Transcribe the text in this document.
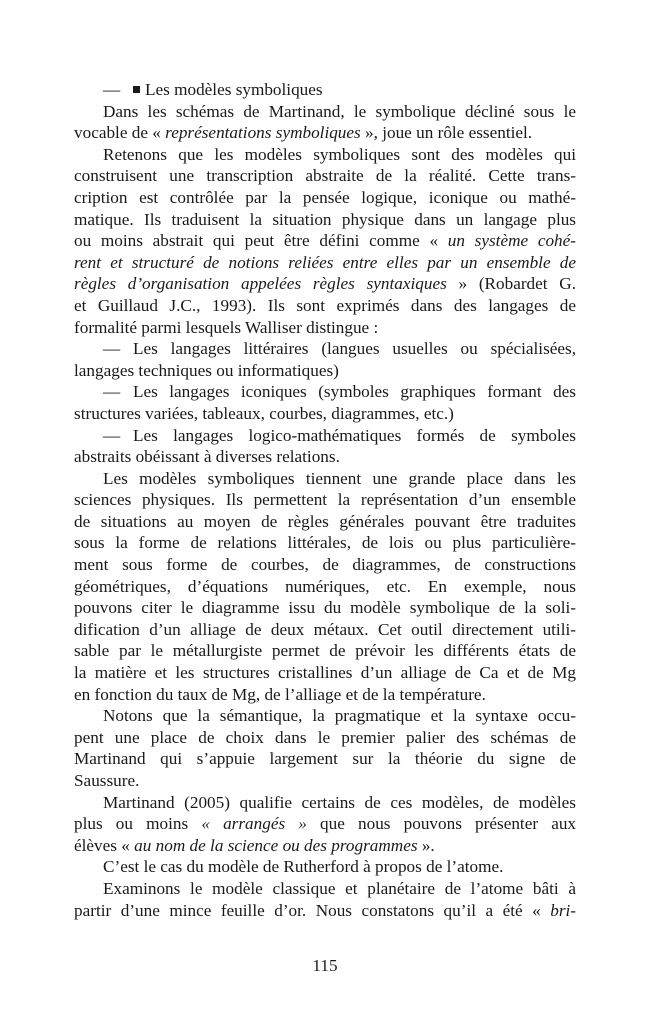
— Les modèles symboliques
Dans les schémas de Martinand, le symbolique décliné sous le
vocable de « représentations symboliques », joue un rôle essentiel.
Retenons que les modèles symboliques sont des modèles qui
construisent une transcription abstraite de la réalité. Cette trans-
cription est contrôlée par la pensée logique, iconique ou mathé-
matique. Ils traduisent la situation physique dans un langage plus
ou moins abstrait qui peut être défini comme « un système cohé-
rent et structuré de notions reliées entre elles par un ensemble de
règles d’organisation appelées règles syntaxiques » (Robardet G.
et Guillaud J.C., 1993). Ils sont exprimés dans des langages de
formalité parmi lesquels Walliser distingue :
— Les langages littéraires (langues usuelles ou spécialisées,
langages techniques ou informatiques)
— Les langages iconiques (symboles graphiques formant des
structures variées, tableaux, courbes, diagrammes, etc.)
— Les langages logico-mathématiques formés de symboles
abstraits obéissant à diverses relations.
Les modèles symboliques tiennent une grande place dans les
sciences physiques. Ils permettent la représentation d’un ensemble
de situations au moyen de règles générales pouvant être traduites
sous la forme de relations littérales, de lois ou plus particulière-
ment sous forme de courbes, de diagrammes, de constructions
géométriques, d’équations numériques, etc. En exemple, nous
pouvons citer le diagramme issu du modèle symbolique de la soli-
dification d’un alliage de deux métaux. Cet outil directement utili-
sable par le métallurgiste permet de prévoir les différents états de
la matière et les structures cristallines d’un alliage de Ca et de Mg
en fonction du taux de Mg, de l’alliage et de la température.
Notons que la sémantique, la pragmatique et la syntaxe occu-
pent une place de choix dans le premier palier des schémas de
Martinand qui s’appuie largement sur la théorie du signe de
Saussure.
Martinand (2005) qualifie certains de ces modèles, de modèles
plus ou moins « arrangés » que nous pouvons présenter aux
élèves « au nom de la science ou des programmes ».
C’est le cas du modèle de Rutherford à propos de l’atome.
Examinons le modèle classique et planétaire de l’atome bâti à
partir d’une mince feuille d’or. Nous constatons qu’il a été « bri-
115
